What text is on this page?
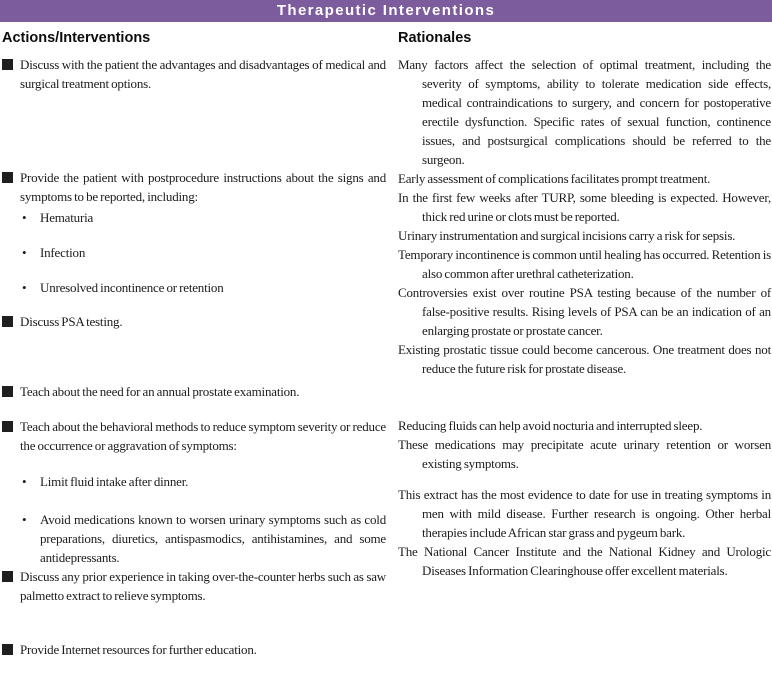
Therapeutic Interventions
Actions/Interventions	Rationales

Discuss with the patient the advantages and disadvantages of medical and surgical treatment options.

Provide the patient with postprocedure instructions about the signs and symptoms to be reported, including:

•

Hematuria

•

Infection

•

Unresolved incontinence or retention

Discuss PSA testing.

Teach about the need for an annual prostate examination.

Teach about the behavioral methods to reduce symptom severity or reduce the occurrence or aggravation of symptoms:

•

Limit fluid intake after dinner.

•

Avoid medications known to worsen urinary symptoms such as cold preparations, diuretics, antispasmodics, antihistamines, and some antidepressants.

Discuss any prior experience in taking over-the-counter herbs such as saw palmetto extract to relieve symptoms.

Provide Internet resources for further education.

Many factors affect the selection of optimal treatment, including the severity of symptoms, ability to tolerate medication side effects, medical contraindications to surgery, and concern for postoperative erectile dysfunction. Specific rates of sexual function, continence issues, and postsurgical complications should be referred to the surgeon.

Early assessment of complications facilitates prompt treatment.

In the first few weeks after TURP, some bleeding is expected. However, thick red urine or clots must be reported.

Urinary instrumentation and surgical incisions carry a risk for sepsis.

Temporary incontinence is common until healing has occurred. Retention is also common after urethral catheterization.

Controversies exist over routine PSA testing because of the number of false-positive results. Rising levels of PSA can be an indication of an enlarging prostate or prostate cancer.

Existing prostatic tissue could become cancerous. One treatment does not reduce the future risk for prostate disease.

Reducing fluids can help avoid nocturia and interrupted sleep.

These medications may precipitate acute urinary retention or worsen existing symptoms.

This extract has the most evidence to date for use in treating symptoms in men with mild disease. Further research is ongoing. Other herbal therapies include African star grass and pygeum bark.

The National Cancer Institute and the National Kidney and Urologic Diseases Information Clearinghouse offer excellent materials.
